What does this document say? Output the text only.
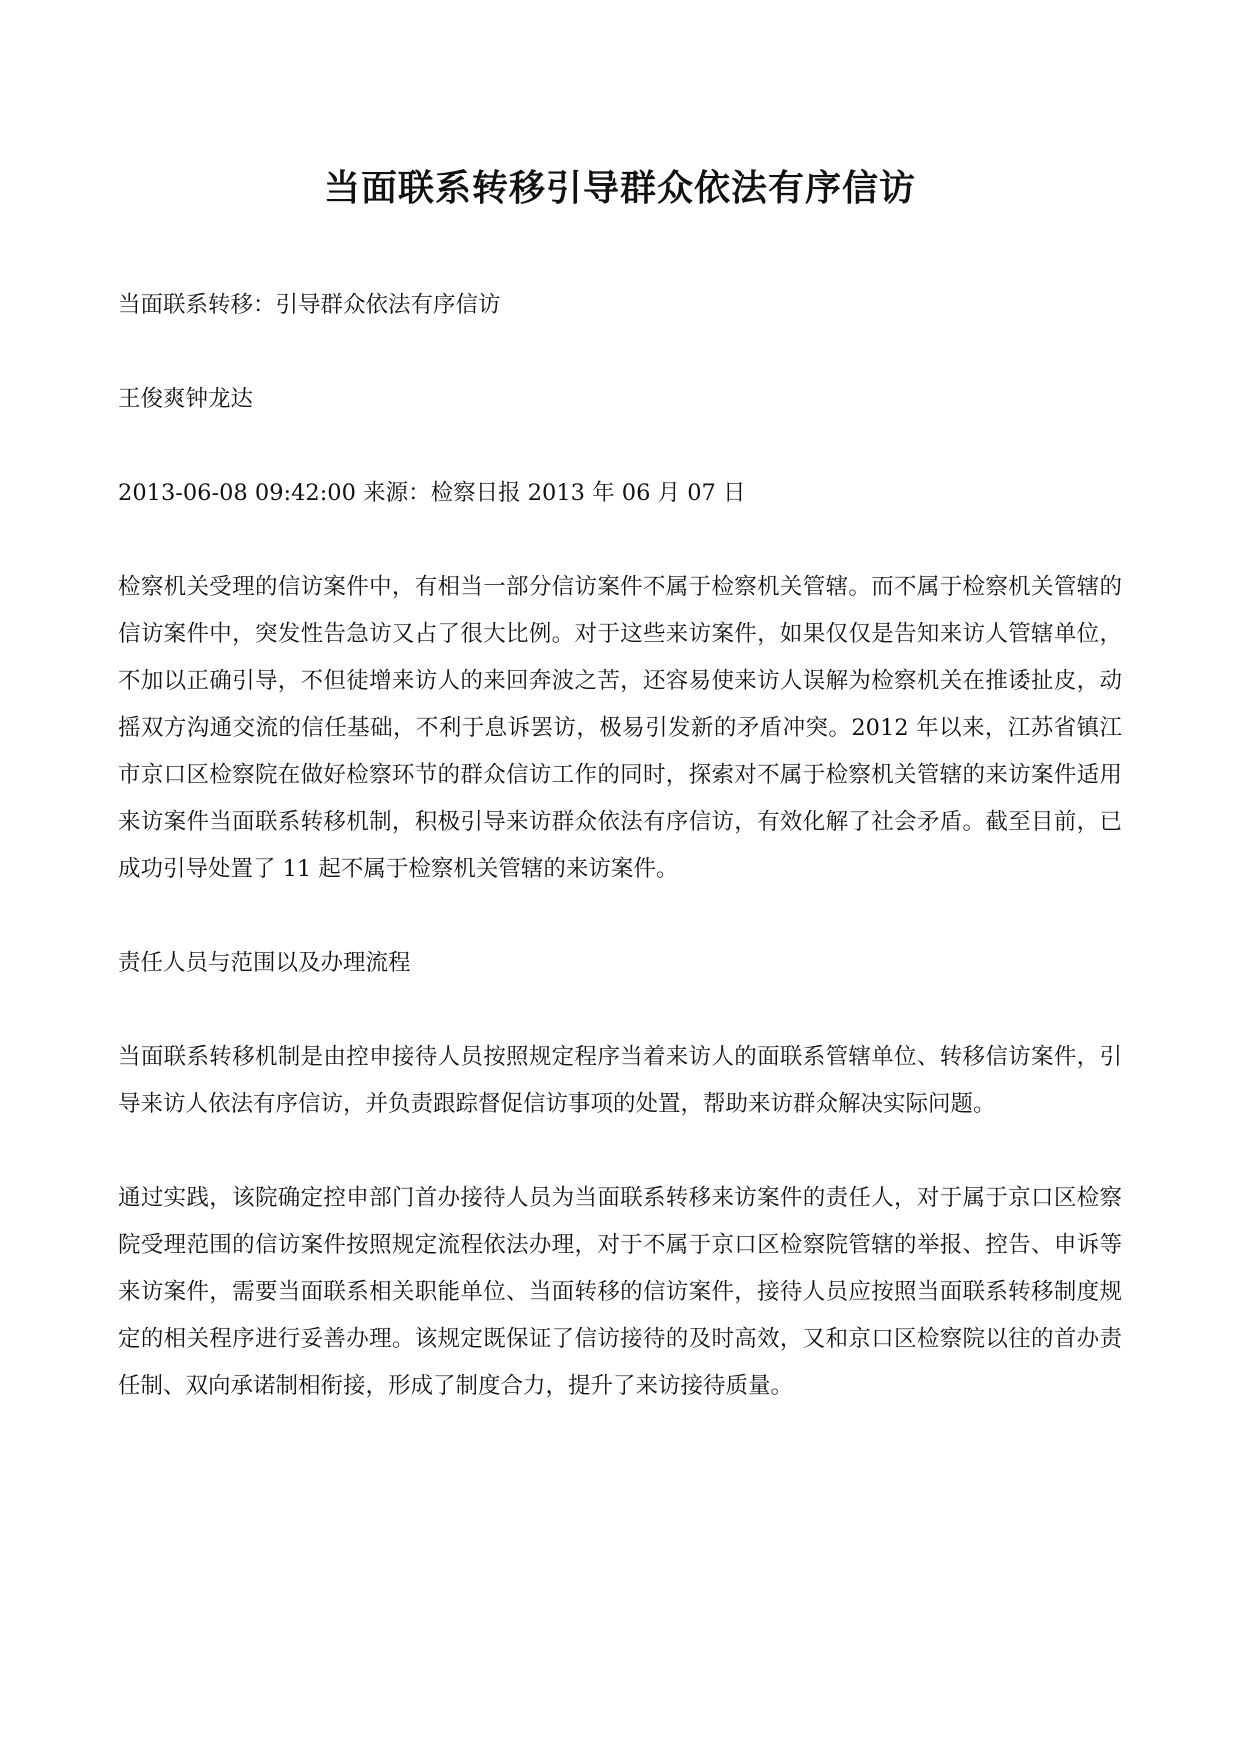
当面联系转移引导群众依法有序信访

当面联系转移：引导群众依法有序信访

王俊爽钟龙达

2013-06-08 09:42:00 来源：检察日报 2013 年 06 月 07 日

检察机关受理的信访案件中，有相当一部分信访案件不属于检察机关管辖。而不属于检察机关管辖的信访案件中，突发性告急访又占了很大比例。对于这些来访案件，如果仅仅是告知来访人管辖单位，不加以正确引导，不但徒增来访人的来回奔波之苦，还容易使来访人误解为检察机关在推诿扯皮，动摇双方沟通交流的信任基础，不利于息诉罢访，极易引发新的矛盾冲突。2012 年以来，江苏省镇江市京口区检察院在做好检察环节的群众信访工作的同时，探索对不属于检察机关管辖的来访案件适用来访案件当面联系转移机制，积极引导来访群众依法有序信访，有效化解了社会矛盾。截至目前，已成功引导处置了 11 起不属于检察机关管辖的来访案件。

责任人员与范围以及办理流程

当面联系转移机制是由控申接待人员按照规定程序当着来访人的面联系管辖单位、转移信访案件，引导来访人依法有序信访，并负责跟踪督促信访事项的处置，帮助来访群众解决实际问题。

通过实践，该院确定控申部门首办接待人员为当面联系转移来访案件的责任人，对于属于京口区检察院受理范围的信访案件按照规定流程依法办理，对于不属于京口区检察院管辖的举报、控告、申诉等来访案件，需要当面联系相关职能单位、当面转移的信访案件，接待人员应按照当面联系转移制度规定的相关程序进行妥善办理。该规定既保证了信访接待的及时高效，又和京口区检察院以往的首办责任制、双向承诺制相衔接，形成了制度合力，提升了来访接待质量。
